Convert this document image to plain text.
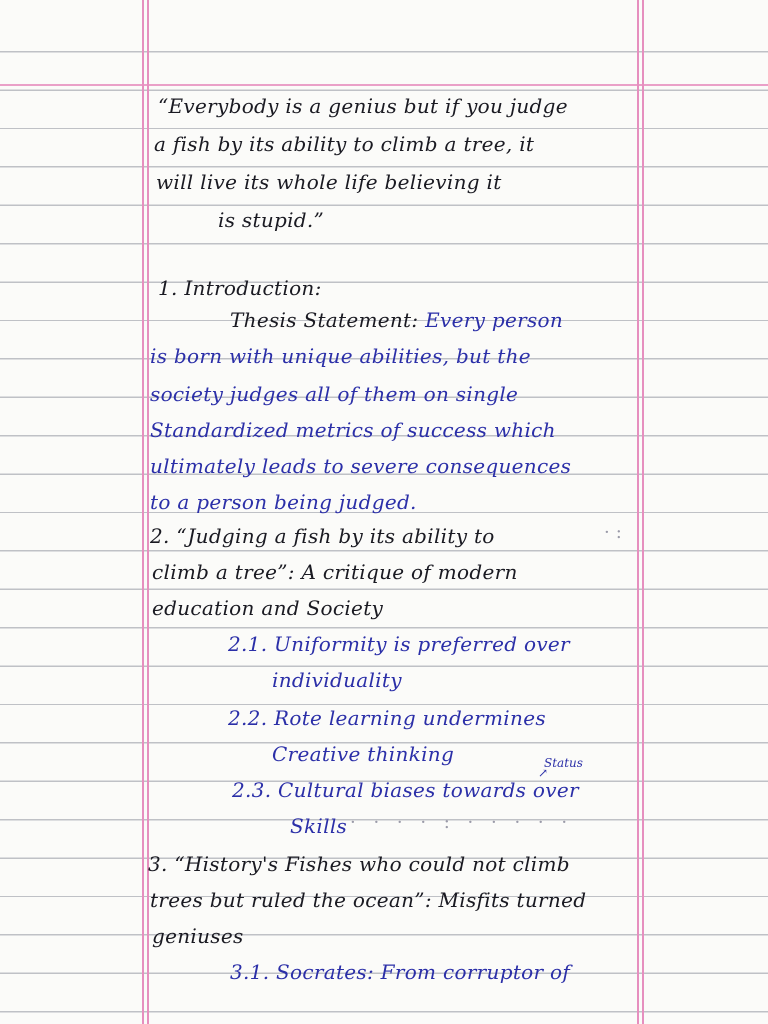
“Everybody is a genius but if you judge
a fish by its ability to climb a tree, it
will live its whole life believing it
is stupid.”
1. Introduction:
Thesis Statement: Every person
is born with unique abilities, but the
society judges all of them on single
Standardized metrics of success which
ultimately leads to severe consequences
to a person being judged.
2. “Judging a fish by its ability to	·:
climb a tree”: A critique of modern
education and Society
2.1. Uniformity is preferred over
individuality
2.2. Rote learning undermines
Creative thinking
↗
Status
2.3. Cultural biases towards over
Skills · · · · : · · · · ·
3. “History's Fishes who could not climb
trees but ruled the ocean”: Misfits turned
geniuses
3.1. Socrates: From corruptor of
